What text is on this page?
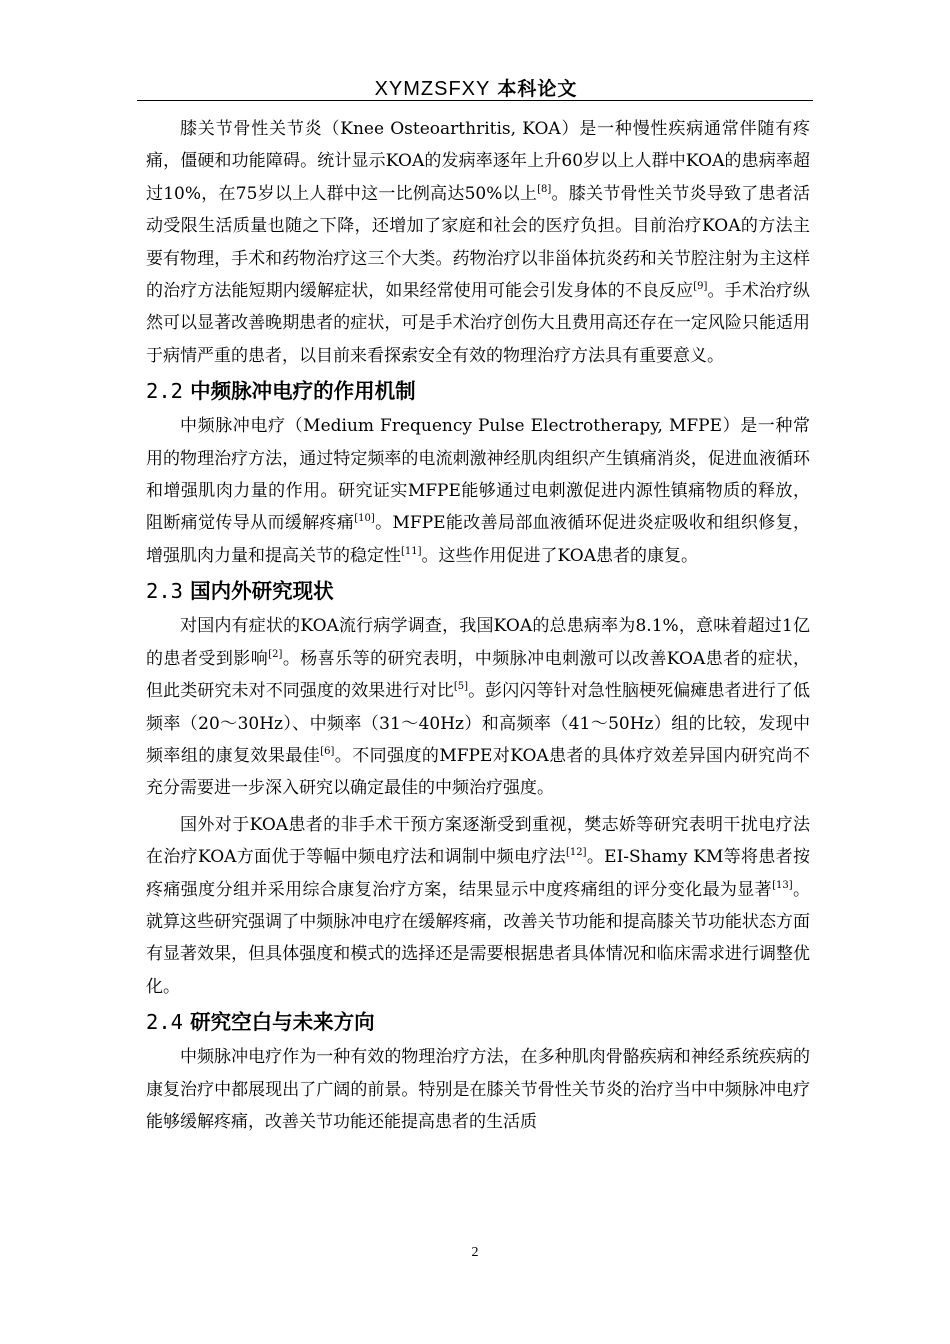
XYMZSFXY 本科论文

膝关节骨性关节炎（Knee Osteoarthritis, KOA）是一种慢性疾病通常伴随有疼痛，僵硬和功能障碍。统计显示KOA的发病率逐年上升60岁以上人群中KOA的患病率超过10%，在75岁以上人群中这一比例高达50%以上[8]。膝关节骨性关节炎导致了患者活动受限生活质量也随之下降，还增加了家庭和社会的医疗负担。目前治疗KOA的方法主要有物理，手术和药物治疗这三个大类。药物治疗以非甾体抗炎药和关节腔注射为主这样的治疗方法能短期内缓解症状，如果经常使用可能会引发身体的不良反应[9]。手术治疗纵然可以显著改善晚期患者的症状，可是手术治疗创伤大且费用高还存在一定风险只能适用于病情严重的患者，以目前来看探索安全有效的物理治疗方法具有重要意义。

2.2 中频脉冲电疗的作用机制

中频脉冲电疗（Medium Frequency Pulse Electrotherapy, MFPE）是一种常用的物理治疗方法，通过特定频率的电流刺激神经肌肉组织产生镇痛消炎，促进血液循环和增强肌肉力量的作用。研究证实MFPE能够通过电刺激促进内源性镇痛物质的释放，阻断痛觉传导从而缓解疼痛[10]。MFPE能改善局部血液循环促进炎症吸收和组织修复，增强肌肉力量和提高关节的稳定性[11]。这些作用促进了KOA患者的康复。

2.3 国内外研究现状

对国内有症状的KOA流行病学调查，我国KOA的总患病率为8.1%，意味着超过1亿的患者受到影响[2]。杨喜乐等的研究表明，中频脉冲电刺激可以改善KOA患者的症状，但此类研究未对不同强度的效果进行对比[5]。彭闪闪等针对急性脑梗死偏瘫患者进行了低频率（20～30Hz）、中频率（31～40Hz）和高频率（41～50Hz）组的比较，发现中频率组的康复效果最佳[6]。不同强度的MFPE对KOA患者的具体疗效差异国内研究尚不充分需要进一步深入研究以确定最佳的中频治疗强度。

国外对于KOA患者的非手术干预方案逐渐受到重视，樊志娇等研究表明干扰电疗法在治疗KOA方面优于等幅中频电疗法和调制中频电疗法[12]。EI-Shamy KM等将患者按疼痛强度分组并采用综合康复治疗方案，结果显示中度疼痛组的评分变化最为显著[13]。就算这些研究强调了中频脉冲电疗在缓解疼痛，改善关节功能和提高膝关节功能状态方面有显著效果，但具体强度和模式的选择还是需要根据患者具体情况和临床需求进行调整优化。

2.4 研究空白与未来方向

中频脉冲电疗作为一种有效的物理治疗方法，在多种肌肉骨骼疾病和神经系统疾病的康复治疗中都展现出了广阔的前景。特别是在膝关节骨性关节炎的治疗当中中频脉冲电疗能够缓解疼痛，改善关节功能还能提高患者的生活质

2
